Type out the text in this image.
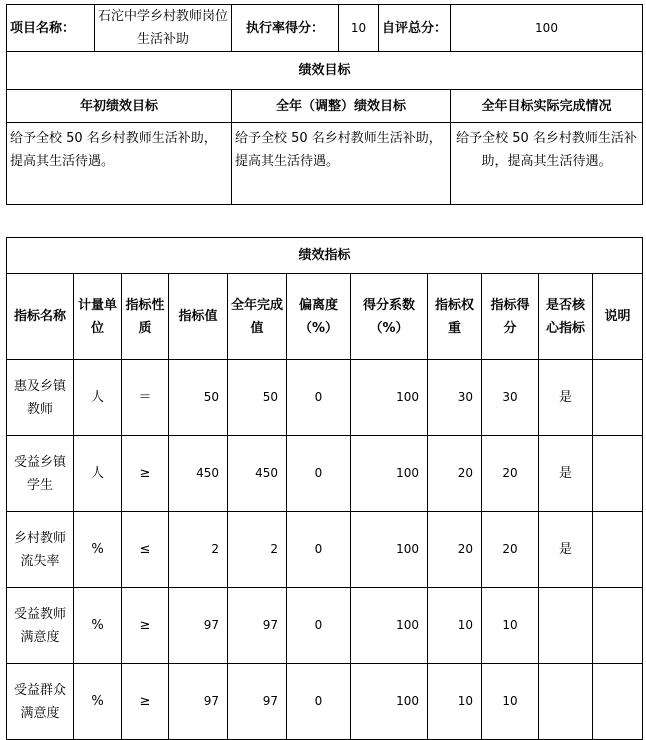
项目名称：	石沱中学乡村教师岗位生活补助	执行率得分：	10	自评总分：	100
绩效目标					
年初绩效目标		全年（调整）绩效目标			全年目标实际完成情况
给予全校 50 名乡村教师生活补助，提高其生活待遇。		给予全校 50 名乡村教师生活补助，提高其生活待遇。			给予全校 50 名乡村教师生活补助，提高其生活待遇。
绩效指标										
指标名称	计量单位	指标性质	指标值	全年完成值	偏离度（%）	得分系数（%）	指标权重	指标得分	是否核心指标	说明
惠及乡镇教师	人	＝	50	50	0	100	30	30	是	
受益乡镇学生	人	≥	450	450	0	100	20	20	是	
乡村教师流失率	%	≤	2	2	0	100	20	20	是	
受益教师满意度	%	≥	97	97	0	100	10	10		
受益群众满意度	%	≥	97	97	0	100	10	10		
